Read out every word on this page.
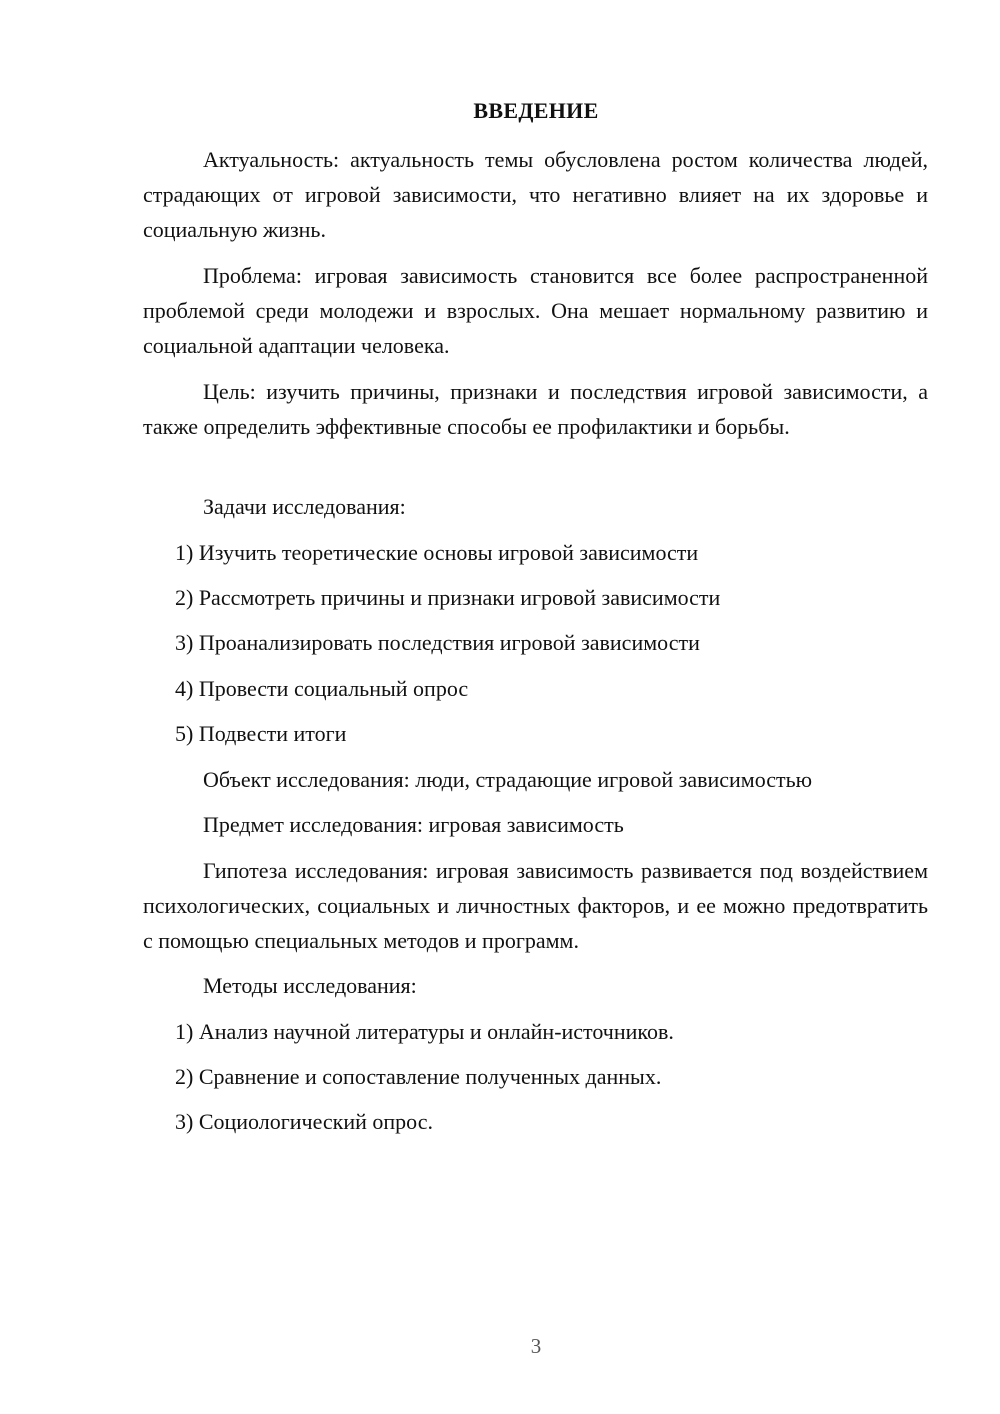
ВВЕДЕНИЕ
Актуальность: актуальность темы обусловлена ростом количества людей, страдающих от игровой зависимости, что негативно влияет на их здоровье и социальную жизнь.
Проблема: игровая зависимость становится все более распространенной проблемой среди молодежи и взрослых. Она мешает нормальному развитию и социальной адаптации человека.
Цель: изучить причины, признаки и последствия игровой зависимости, а также определить эффективные способы ее профилактики и борьбы.
Задачи исследования:
1) Изучить теоретические основы игровой зависимости
2) Рассмотреть причины и признаки игровой зависимости
3) Проанализировать последствия игровой зависимости
4) Провести социальный опрос
5) Подвести итоги
Объект исследования: люди, страдающие игровой зависимостью
Предмет исследования: игровая зависимость
Гипотеза исследования: игровая зависимость развивается под воздействием психологических, социальных и личностных факторов, и ее можно предотвратить с помощью специальных методов и программ.
Методы исследования:
1) Анализ научной литературы и онлайн-источников.
2) Сравнение и сопоставление полученных данных.
3) Социологический опрос.
3
